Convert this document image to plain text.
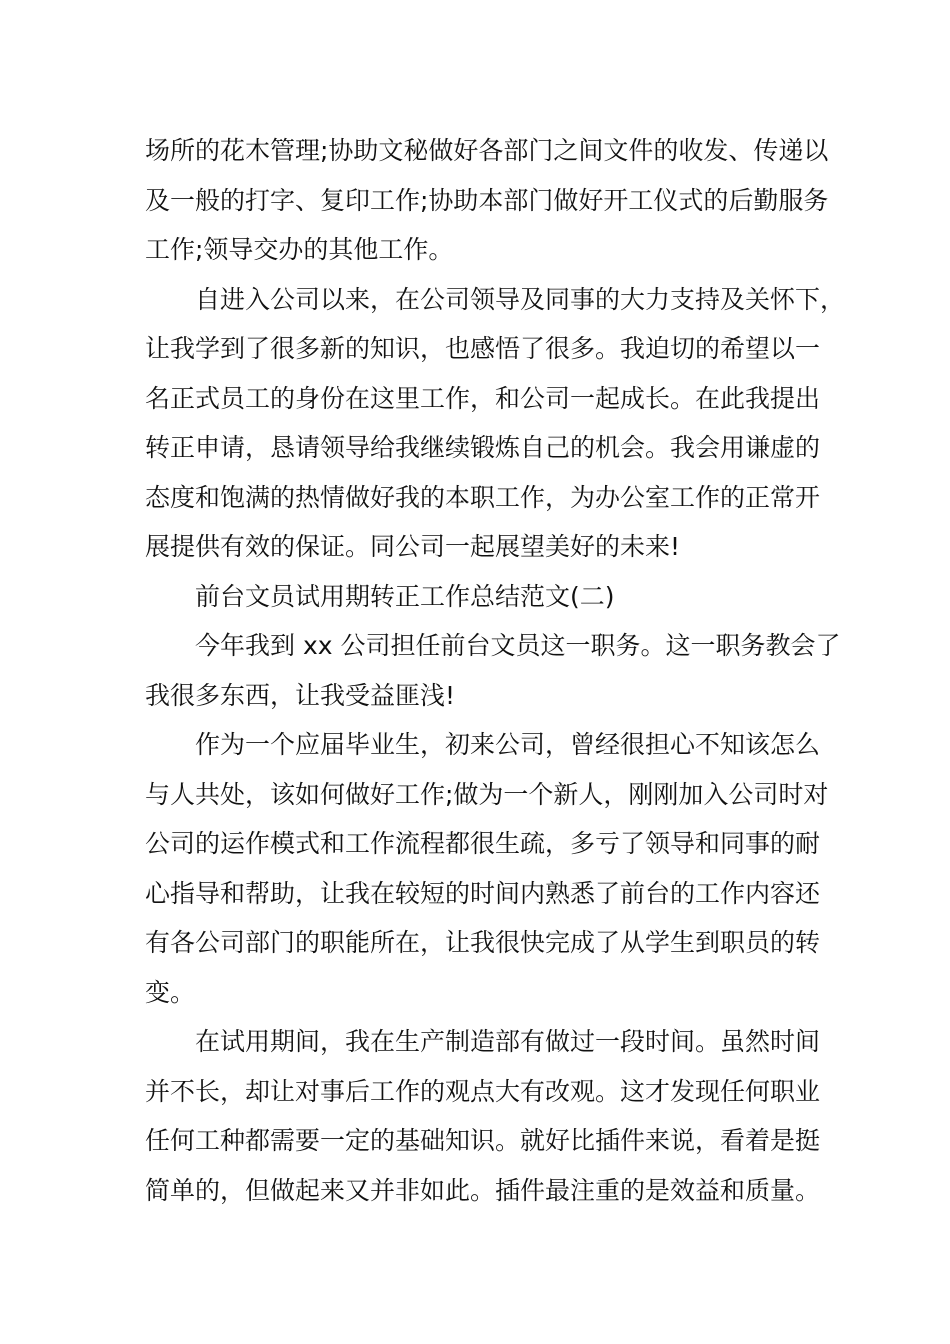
场所的花木管理;协助文秘做好各部门之间文件的收发、传递以
及一般的打字、复印工作;协助本部门做好开工仪式的后勤服务
工作;领导交办的其他工作。

自进入公司以来，在公司领导及同事的大力支持及关怀下，
让我学到了很多新的知识，也感悟了很多。我迫切的希望以一
名正式员工的身份在这里工作，和公司一起成长。在此我提出
转正申请，恳请领导给我继续锻炼自己的机会。我会用谦虚的
态度和饱满的热情做好我的本职工作，为办公室工作的正常开
展提供有效的保证。同公司一起展望美好的未来!

前台文员试用期转正工作总结范文(二)

今年我到 xx 公司担任前台文员这一职务。这一职务教会了
我很多东西，让我受益匪浅!

作为一个应届毕业生，初来公司，曾经很担心不知该怎么
与人共处，该如何做好工作;做为一个新人，刚刚加入公司时对
公司的运作模式和工作流程都很生疏，多亏了领导和同事的耐
心指导和帮助，让我在较短的时间内熟悉了前台的工作内容还
有各公司部门的职能所在，让我很快完成了从学生到职员的转
变。

在试用期间，我在生产制造部有做过一段时间。虽然时间
并不长，却让对事后工作的观点大有改观。这才发现任何职业
任何工种都需要一定的基础知识。就好比插件来说，看着是挺
简单的，但做起来又并非如此。插件最注重的是效益和质量。
